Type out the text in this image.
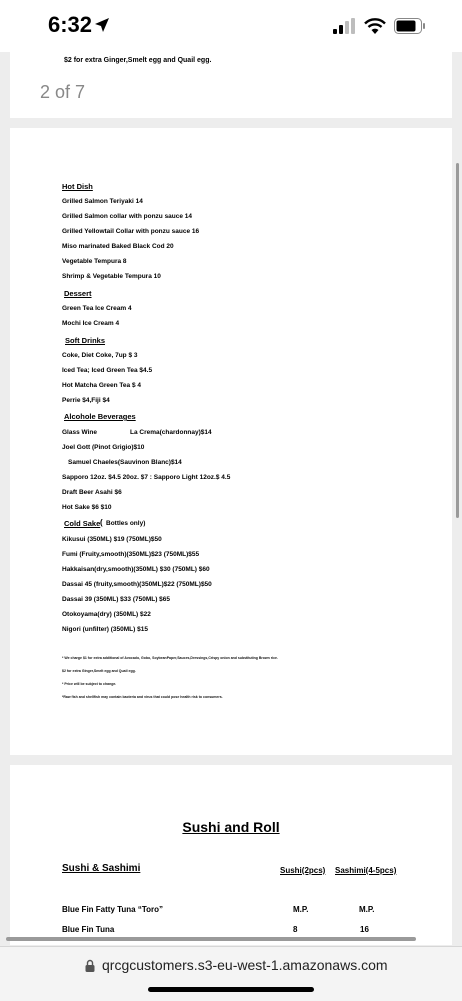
6:32
$2 for extra Ginger,Smelt egg and Quail egg.
2 of 7
Hot Dish
Grilled Salmon Teriyaki 14
Grilled Salmon collar with ponzu sauce 14
Grilled Yellowtail Collar with ponzu sauce 16
Miso marinated Baked Black Cod 20
Vegetable Tempura 8
Shrimp & Vegetable Tempura 10
Dessert
Green Tea Ice Cream 4
Mochi Ice Cream 4
Soft Drinks
Coke, Diet Coke, 7up $ 3
Iced Tea; Iced Green Tea $4.5
Hot Matcha Green Tea $ 4
Perrie $4,Fiji $4
Alcohole Beverages
Glass Wine	La Crema(chardonnay)$14
Joel Gott (Pinot Grigio)$10
Samuel Chaeles(Sauvinon Blanc)$14
Sapporo 12oz. $4.5 20oz. $7 : Sapporo Light 12oz.$ 4.5
Draft Beer Asahi $6
Hot Sake $6 $10
Cold Sake ( Bottles only)
Kikusui (350ML) $19 (750ML)$50
Fumi (Fruity,smooth)(350ML)$23 (750ML)$55
Hakkaisan(dry,smooth)(350ML) $30 (750ML) $60
Dassai 45 (fruity,smooth)(350ML)$22 (750ML)$50
Dassai 39 (350ML) $33 (750ML) $65
Otokoyama(dry) (350ML) $22
Nigori (unfilter) (350ML) $15
* We charge $1 for extra additional of Avocado, Gobo, SoybeanPaper,Sauces,Dressings,Crispy onion and substituting Brown rice.
$2 for extra Ginger,Smelt egg and Quail egg.
* Price will be subject to change.
*Raw fish and shellfish may contain bacteria and virus that could pose health risk to consumers.
Sushi and Roll
Sushi & Sashimi	Sushi(2pcs) Sashimi(4-5pcs)
Blue Fin Fatty Tuna “Toro”	M.P.	M.P.
Blue Fin Tuna	8	16
qrcgcustomers.s3-eu-west-1.amazonaws.com
